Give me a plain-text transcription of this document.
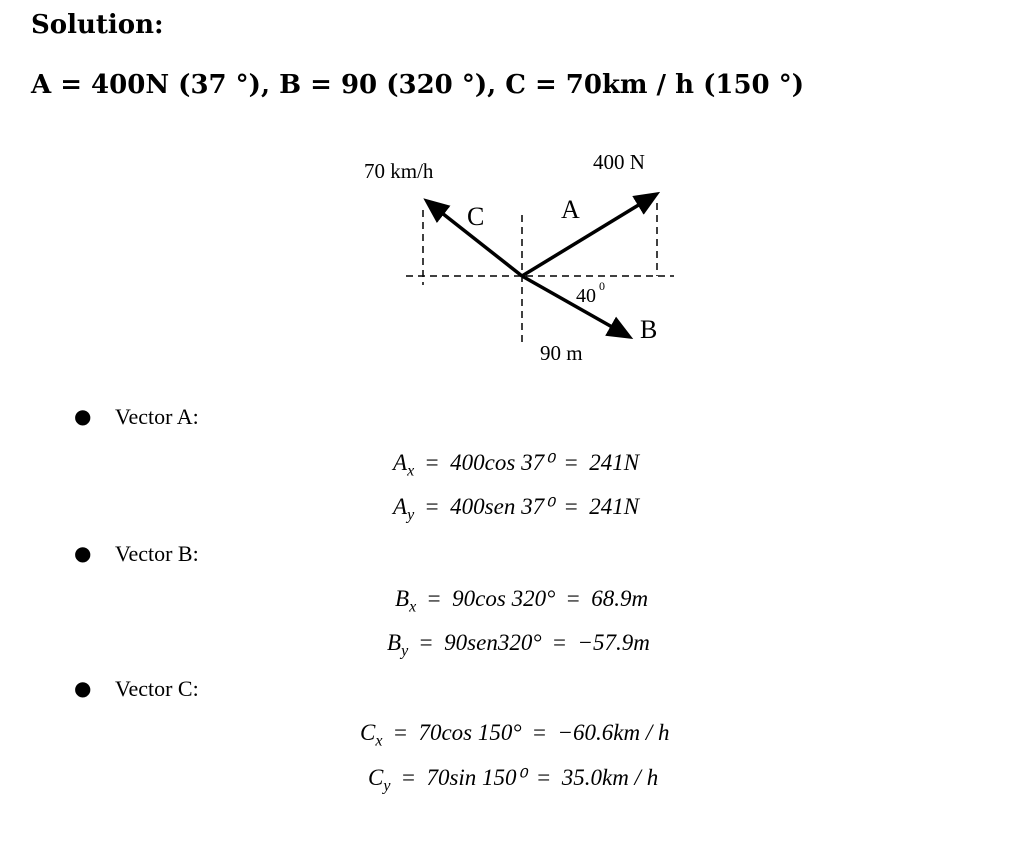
Solution:
A = 400N (37 °), B = 90 (320 °), C = 70km / h (150 °)
70 km/h	400 N
A
C
B
40 0
90 m
● Vector A:
$A_x = 400\cos$ 37⁰  =  241N
$A_y = 400sen$ 37⁰  =  241N
● Vector B:
$B_x = 90\cos$ 320°  =  68.9m
$B_y = 90sen320^\circ = -57.9m$
● Vector C:
$C_x = 70\cos$ 150°  =  −60.6km / h
$C_y = 70\sin$ 150⁰  =  35.0km / h
